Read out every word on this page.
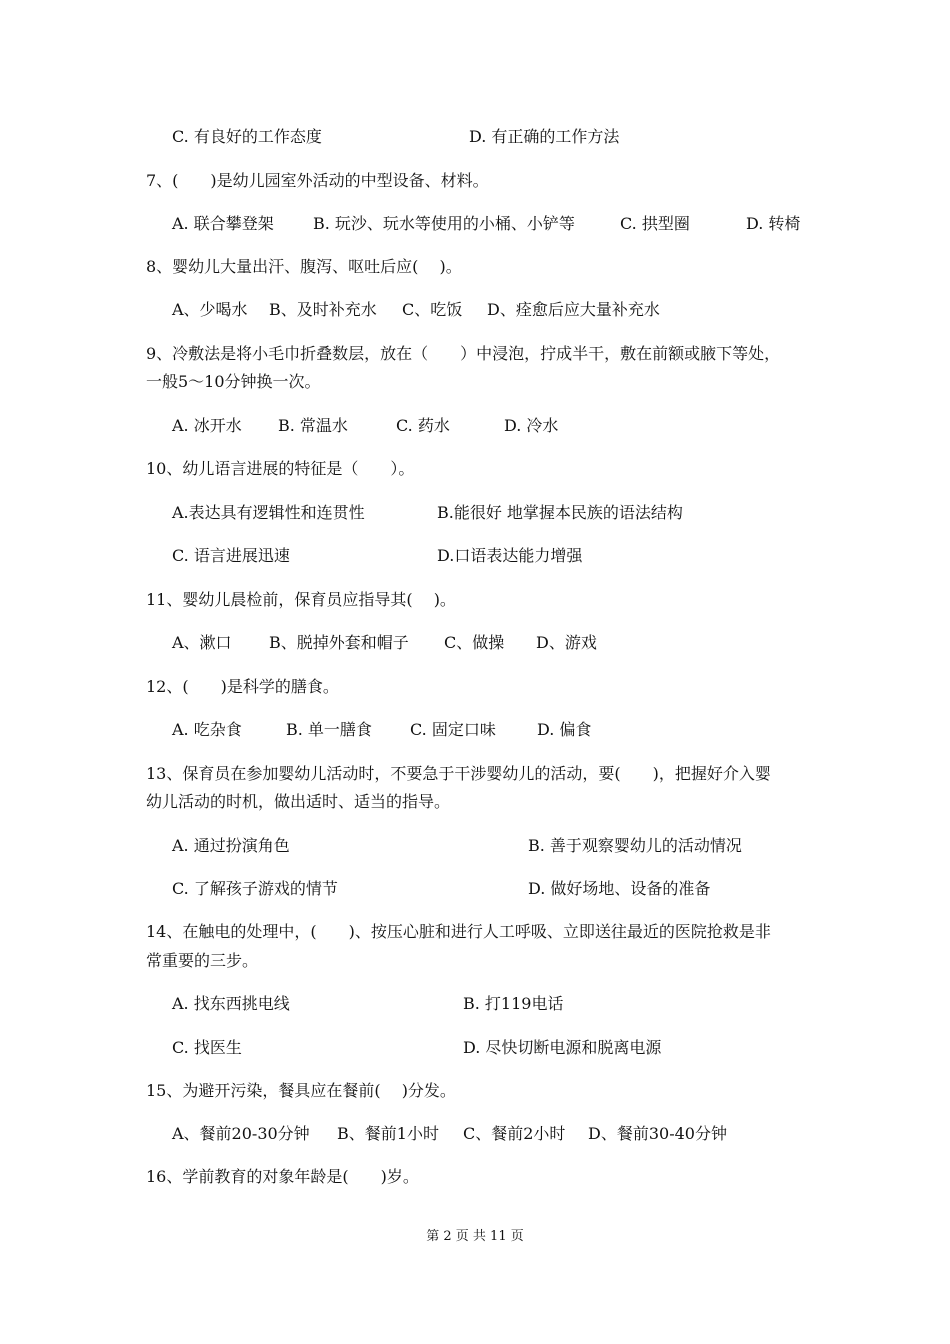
C. 有良好的工作态度	D. 有正确的工作方法
7、(　　)是幼儿园室外活动的中型设备、材料。
A. 联合攀登架 B. 玩沙、玩水等使用的小桶、小铲等	C. 拱型圈	D. 转椅
8、婴幼儿大量出汗、腹泻、呕吐后应(　 )。
A、少喝水 B、及时补充水 C、吃饭 D、痊愈后应大量补充水
9、冷敷法是将小毛巾折叠数层，放在（　　）中浸泡，拧成半干，敷在前额或腋下等处，
一般5～10分钟换一次。
A. 冰开水 B. 常温水	C. 药水	D. 冷水
10、幼儿语言进展的特征是（　　）。
A.表达具有逻辑性和连贯性	B.能很好 地掌握本民族的语法结构
C. 语言进展迅速	D.口语表达能力增强
11、婴幼儿晨检前，保育员应指导其(　 )。
A、漱口 B、脱掉外套和帽子 C、做操 D、游戏
12、(　　)是科学的膳食。
A. 吃杂食	B. 单一膳食 C. 固定口味	D. 偏食
13、保育员在参加婴幼儿活动时，不要急于干涉婴幼儿的活动，要(　　)，把握好介入婴
幼儿活动的时机，做出适时、适当的指导。
A. 通过扮演角色	B. 善于观察婴幼儿的活动情况
C. 了解孩子游戏的情节	D. 做好场地、设备的准备
14、在触电的处理中，(　　)、按压心脏和进行人工呼吸、立即送往最近的医院抢救是非
常重要的三步。
A. 找东西挑电线	B. 打119电话
C. 找医生	D. 尽快切断电源和脱离电源
15、为避开污染，餐具应在餐前(　 )分发。
A、餐前20-30分钟 B、餐前1小时 C、餐前2小时 D、餐前30-40分钟
16、学前教育的对象年龄是(　　)岁。
第 2 页 共 11 页
